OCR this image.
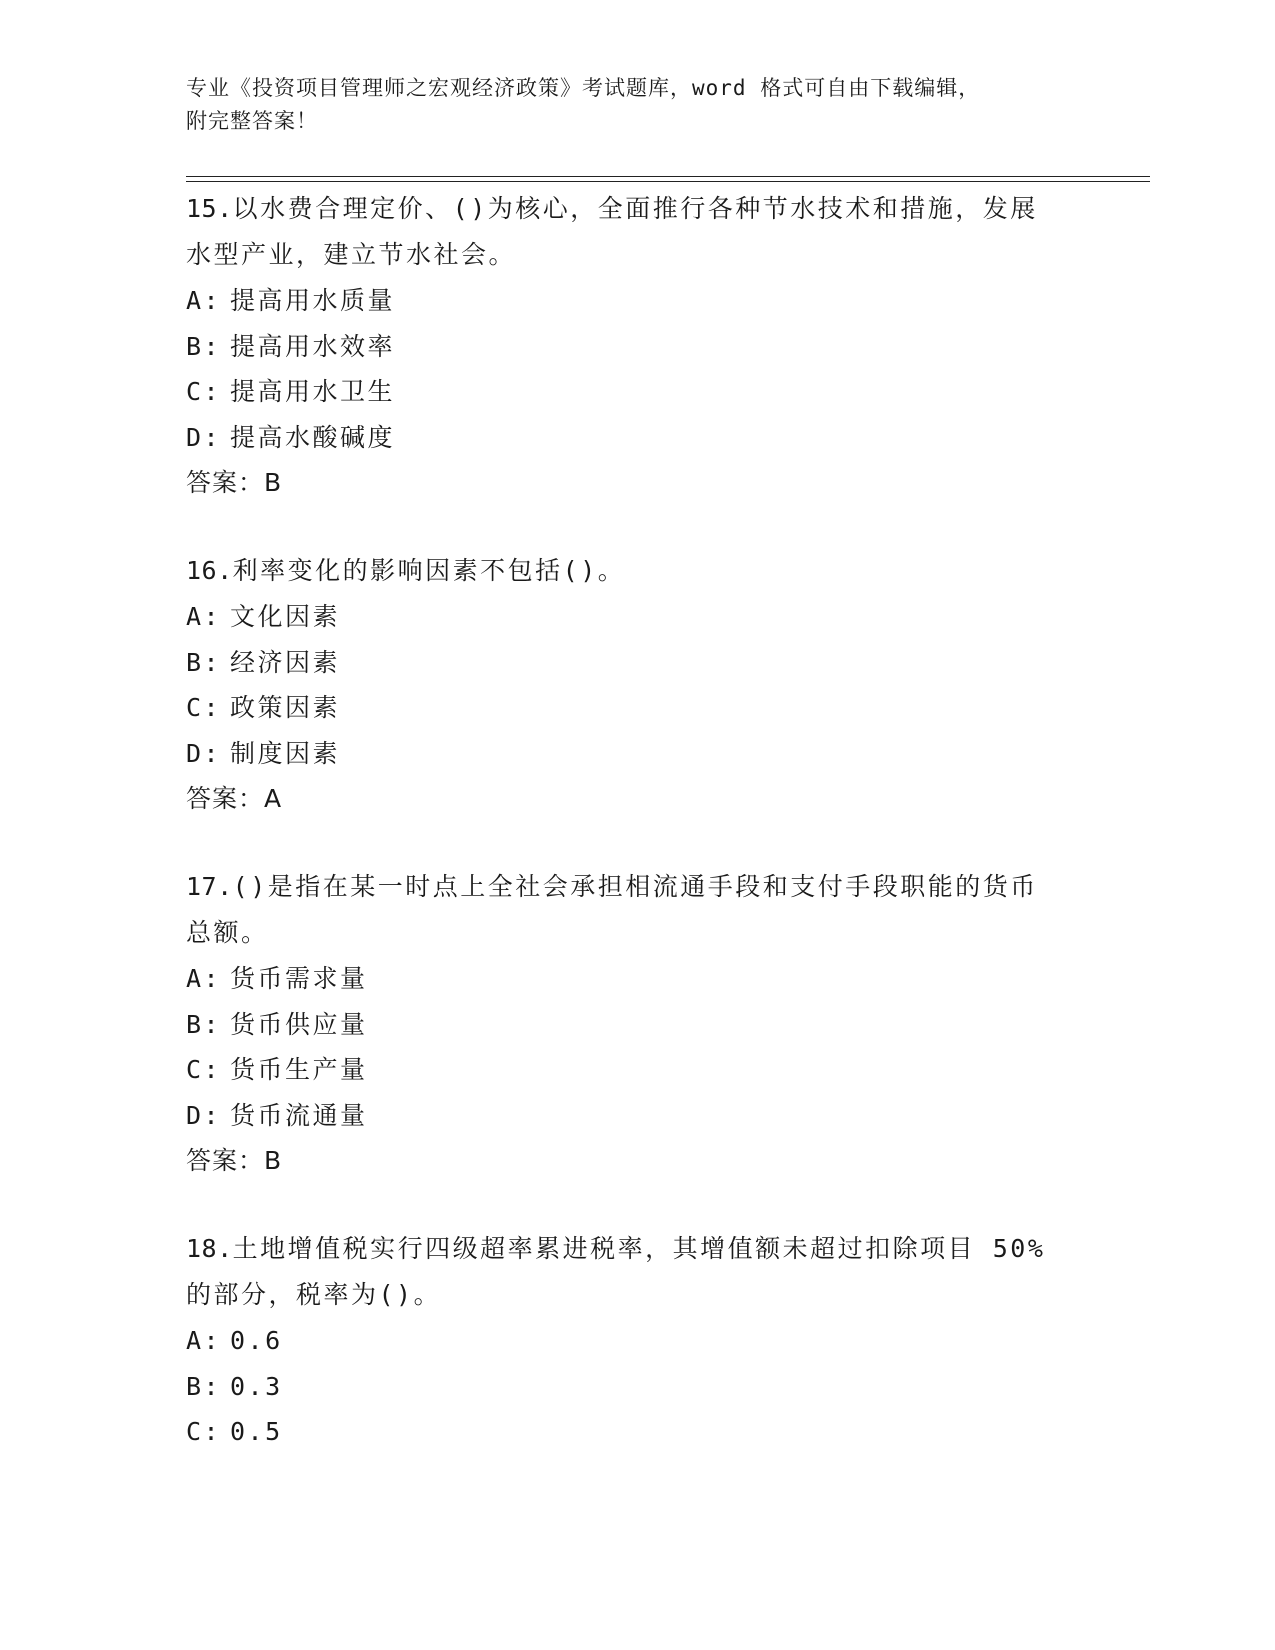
专业《投资项目管理师之宏观经济政策》考试题库，word 格式可自由下载编辑，
附完整答案！

15.以水费合理定价、()为核心，全面推行各种节水技术和措施，发展

水型产业，建立节水社会。

A: 提高用水质量

B: 提高用水效率

C: 提高用水卫生

D: 提高水酸碱度

答案：B

16.利率变化的影响因素不包括()。

A: 文化因素

B: 经济因素

C: 政策因素

D: 制度因素

答案：A

17.()是指在某一时点上全社会承担相流通手段和支付手段职能的货币

总额。

A: 货币需求量

B: 货币供应量

C: 货币生产量

D: 货币流通量

答案：B

18.土地增值税实行四级超率累进税率，其增值额未超过扣除项目 50%

的部分，税率为()。

A: 0.6

B: 0.3

C: 0.5
